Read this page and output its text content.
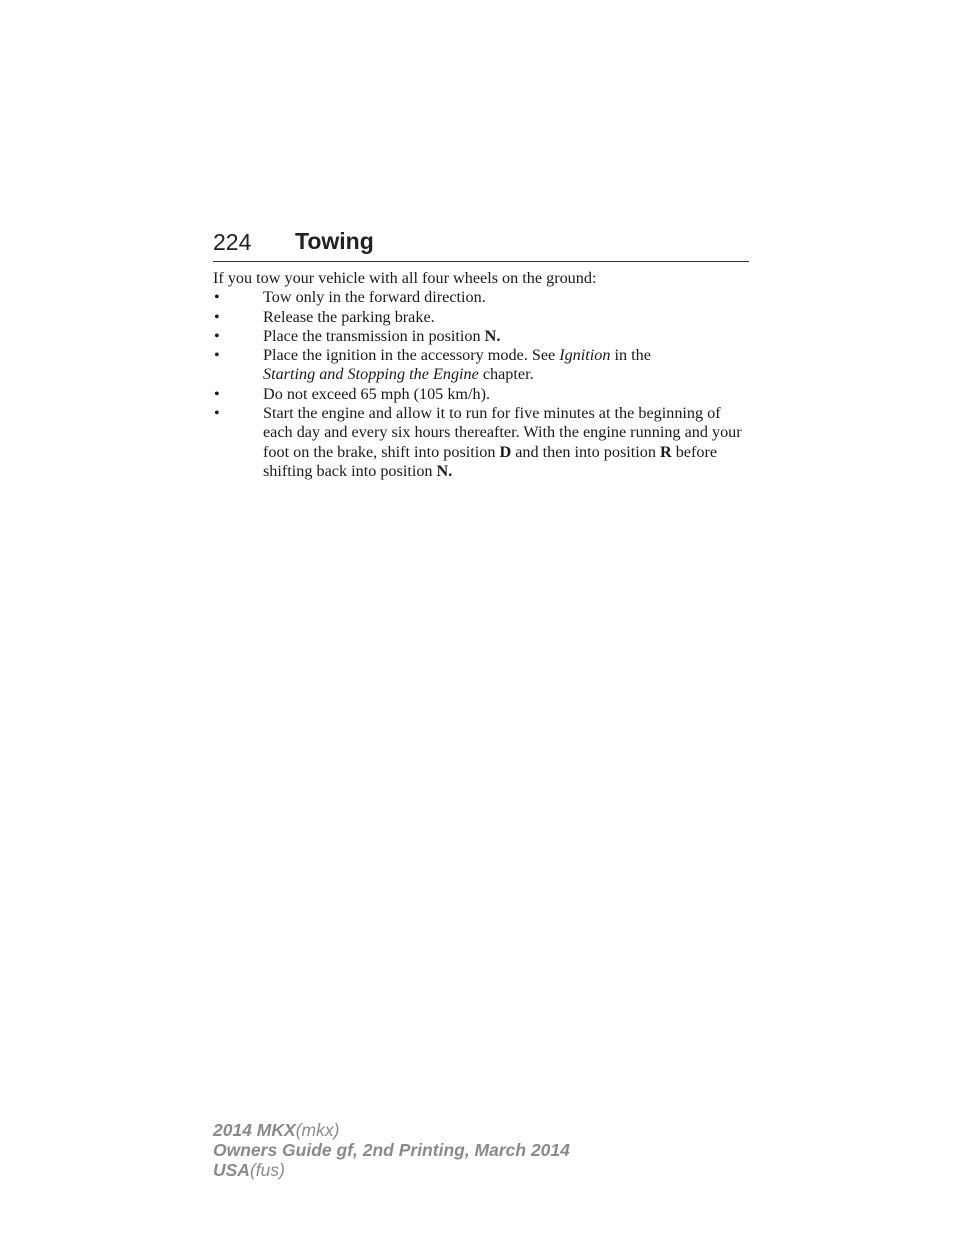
224 Towing

If you tow your vehicle with all four wheels on the ground:

•	Tow only in the forward direction.
•	Release the parking brake.
•	Place the transmission in position N.
•	Place the ignition in the accessory mode. See Ignition in the
Starting and Stopping the Engine chapter.
•	Do not exceed 65 mph (105 km/h).
•	Start the engine and allow it to run for five minutes at the beginning of each day and every six hours thereafter. With the engine running and your foot on the brake, shift into position D and then into position R before shifting back into position N.
2014 MKX(mkx)
Owners Guide gf, 2nd Printing, March 2014
USA(fus)
